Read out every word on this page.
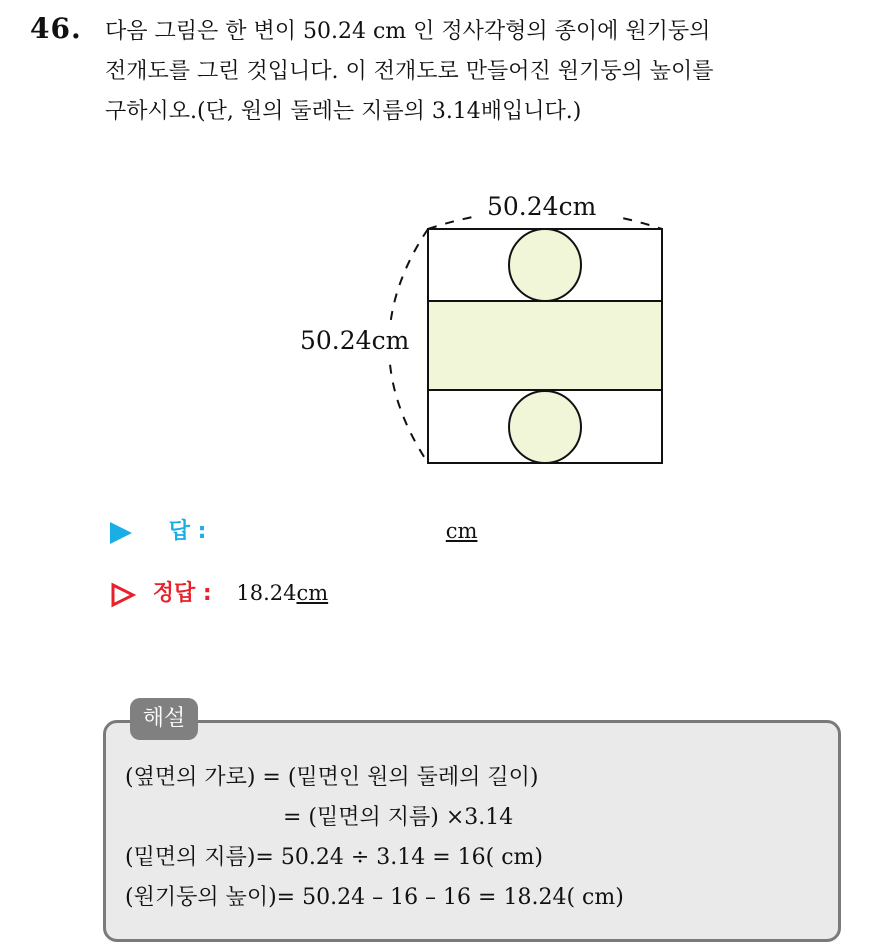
46. 다음 그림은 한 변이 50.24 cm 인 정사각형의 종이에 원기둥의
전개도를 그린 것입니다. 이 전개도로 만들어진 원기둥의 높이를
구하시오.(단, 원의 둘레는 지름의 3.14배입니다.)
50.24cm
50.24cm
답 :	cm
정답 : 18.24cm
해설
(옆면의 가로) = (밑면인 원의 둘레의 길이)
= (밑면의 지름) ×3.14
(밑면의 지름)= 50.24 ÷ 3.14 = 16( cm)
(원기둥의 높이)= 50.24 – 16 – 16 = 18.24( cm)
